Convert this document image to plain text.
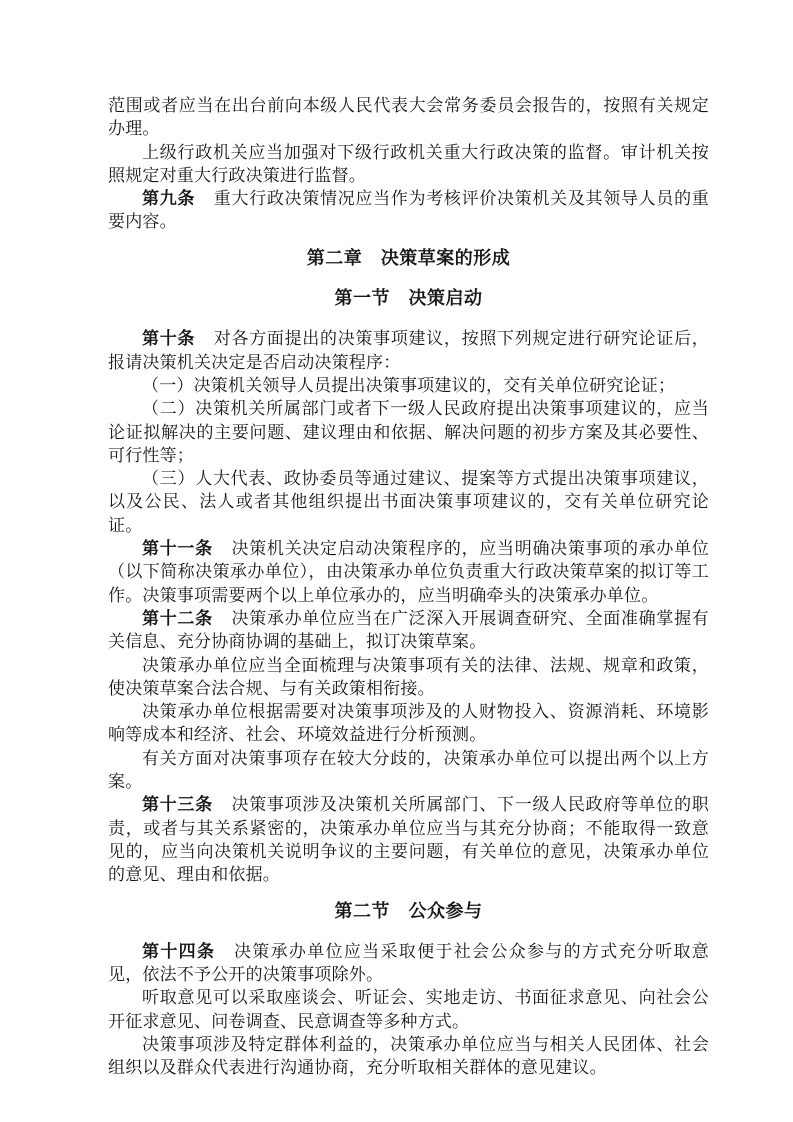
范围或者应当在出台前向本级人民代表大会常务委员会报告的，按照有关规定办理。

上级行政机关应当加强对下级行政机关重大行政决策的监督。审计机关按照规定对重大行政决策进行监督。

第九条 重大行政决策情况应当作为考核评价决策机关及其领导人员的重要内容。

第二章　决策草案的形成
第一节　决策启动

第十条 对各方面提出的决策事项建议，按照下列规定进行研究论证后，报请决策机关决定是否启动决策程序：

（一）决策机关领导人员提出决策事项建议的，交有关单位研究论证；

（二）决策机关所属部门或者下一级人民政府提出决策事项建议的，应当论证拟解决的主要问题、建议理由和依据、解决问题的初步方案及其必要性、可行性等；

（三）人大代表、政协委员等通过建议、提案等方式提出决策事项建议，以及公民、法人或者其他组织提出书面决策事项建议的，交有关单位研究论证。

第十一条 决策机关决定启动决策程序的，应当明确决策事项的承办单位（以下简称决策承办单位），由决策承办单位负责重大行政决策草案的拟订等工作。决策事项需要两个以上单位承办的，应当明确牵头的决策承办单位。

第十二条 决策承办单位应当在广泛深入开展调查研究、全面准确掌握有关信息、充分协商协调的基础上，拟订决策草案。

决策承办单位应当全面梳理与决策事项有关的法律、法规、规章和政策，使决策草案合法合规、与有关政策相衔接。

决策承办单位根据需要对决策事项涉及的人财物投入、资源消耗、环境影响等成本和经济、社会、环境效益进行分析预测。

有关方面对决策事项存在较大分歧的，决策承办单位可以提出两个以上方案。

第十三条 决策事项涉及决策机关所属部门、下一级人民政府等单位的职责，或者与其关系紧密的，决策承办单位应当与其充分协商；不能取得一致意见的，应当向决策机关说明争议的主要问题，有关单位的意见，决策承办单位的意见、理由和依据。

第二节　公众参与

第十四条 决策承办单位应当采取便于社会公众参与的方式充分听取意见，依法不予公开的决策事项除外。

听取意见可以采取座谈会、听证会、实地走访、书面征求意见、向社会公开征求意见、问卷调查、民意调查等多种方式。

决策事项涉及特定群体利益的，决策承办单位应当与相关人民团体、社会组织以及群众代表进行沟通协商，充分听取相关群体的意见建议。
